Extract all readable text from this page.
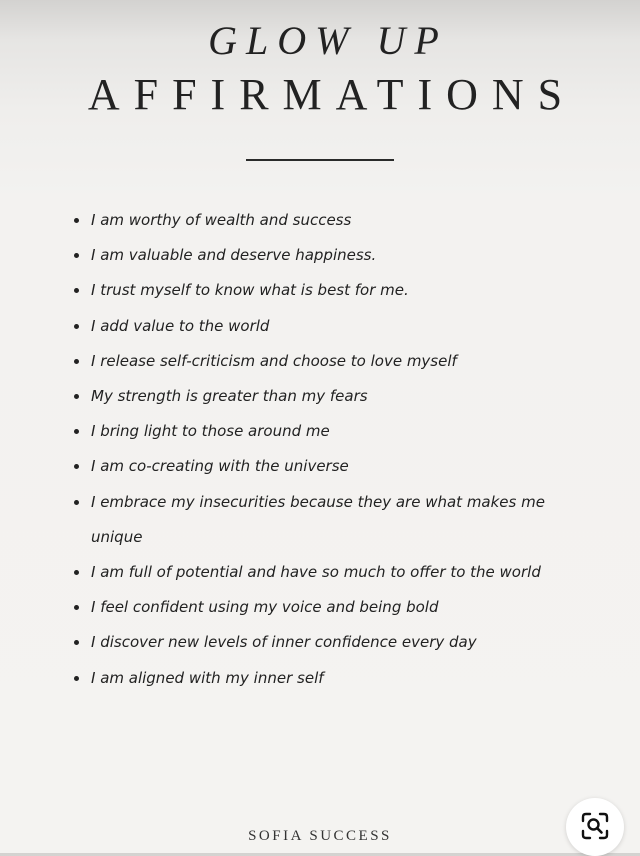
GLOW UP
AFFIRMATIONS
I am worthy of wealth and success
I am valuable and deserve happiness.
I trust myself to know what is best for me.
I add value to the world
I release self-criticism and choose to love myself
My strength is greater than my fears
I bring light to those around me
I am co-creating with the universe
I embrace my insecurities because they are what makes me unique
I am full of potential and have so much to offer to the world
I feel confident using my voice and being bold
I discover new levels of inner confidence every day
I am aligned with my inner self
SOFIA SUCCESS
